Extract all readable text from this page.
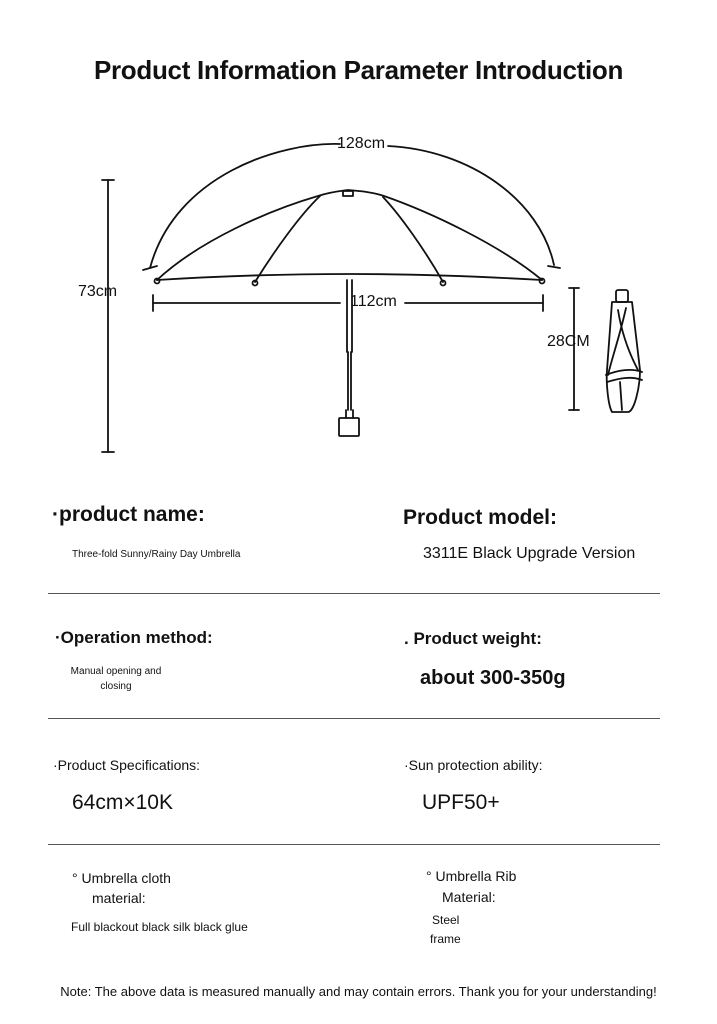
Product Information Parameter Introduction
128cm
73cm
112cm
28CM
·product name:
Three-fold Sunny/Rainy Day Umbrella
Product model:
3311E Black Upgrade Version
·Operation method:
Manual opening and
closing
. Product weight:
about 300-350g
·Product Specifications:
64cm×10K
·Sun protection ability:
UPF50+
° Umbrella cloth
material:
Full blackout black silk black glue
° Umbrella Rib
Material:
Steel
frame
Note: The above data is measured manually and may contain errors. Thank you for your understanding!
